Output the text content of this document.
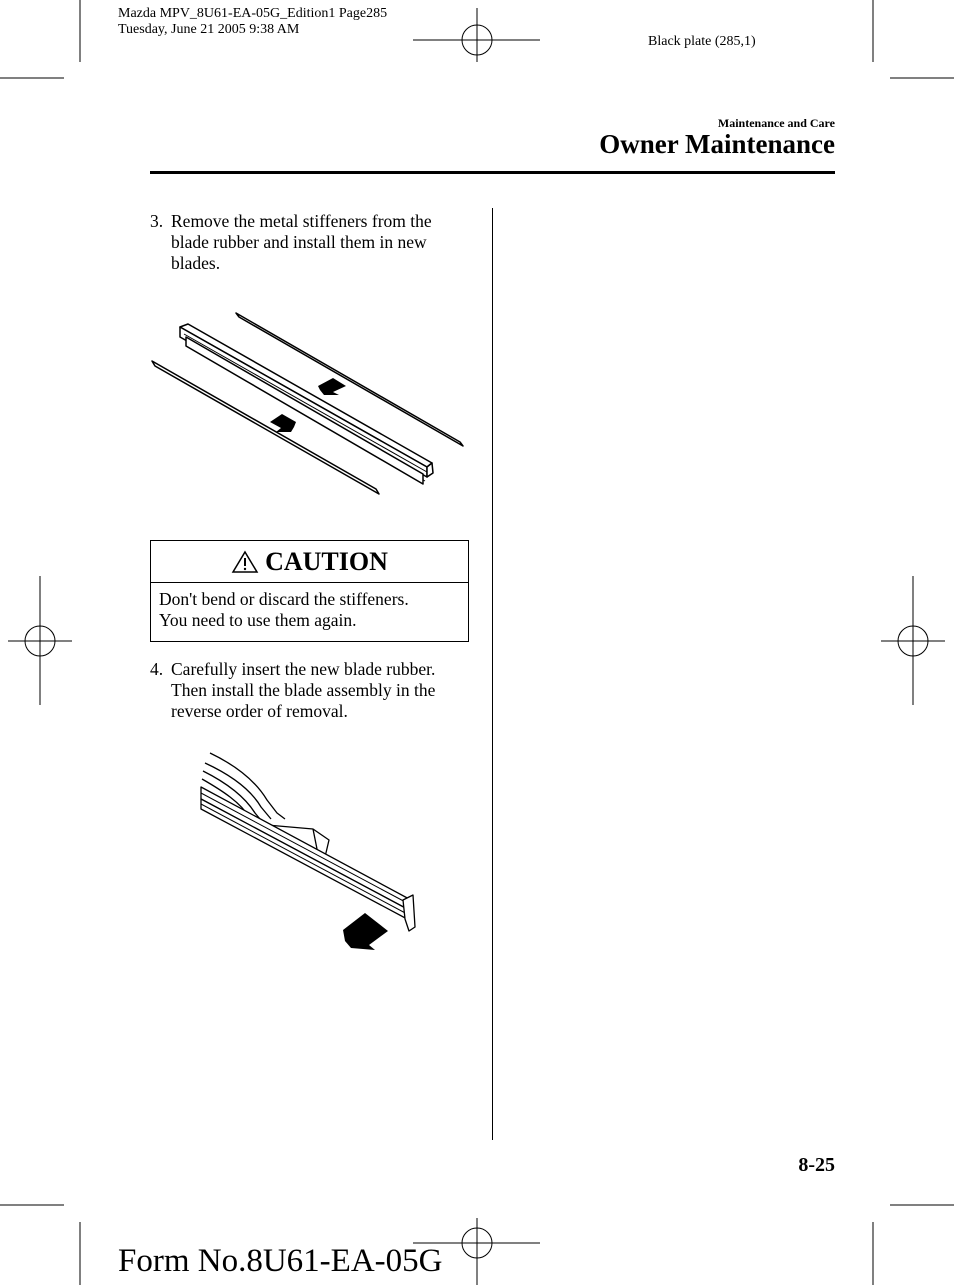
Mazda MPV_8U61-EA-05G_Edition1 Page285
Tuesday, June 21 2005 9:38 AM
Black plate (285,1)
Maintenance and Care
Owner Maintenance
3. Remove the metal stiffeners from the blade rubber and install them in new blades.
CAUTION
Don't bend or discard the stiffeners.
You need to use them again.
4. Carefully insert the new blade rubber. Then install the blade assembly in the reverse order of removal.
8-25
Form No.8U61-EA-05G
